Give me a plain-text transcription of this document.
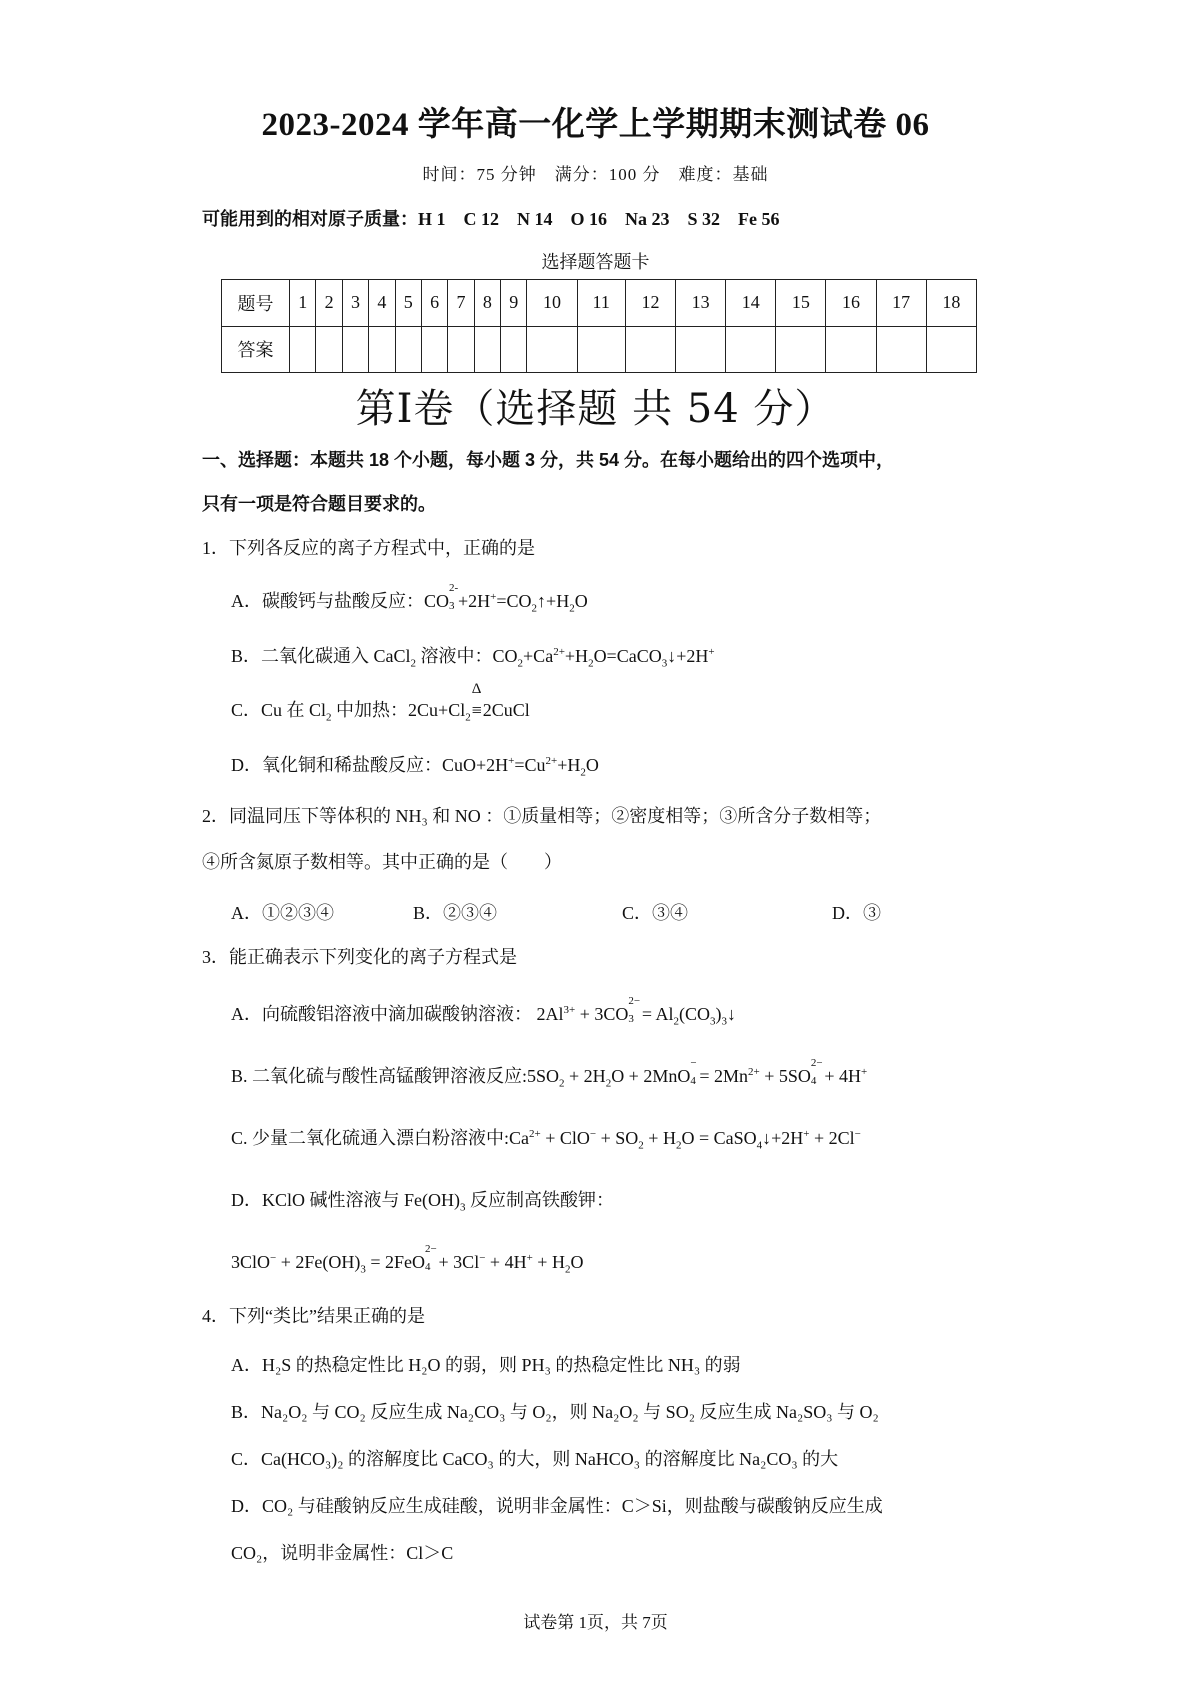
2023-2024 学年高一化学上学期期末测试卷 06
时间：75 分钟　满分：100 分　难度：基础
可能用到的相对原子质量：H 1　C 12　N 14　O 16　Na 23　S 32　Fe 56
选择题答题卡
题号	1	2	3	4	5	6	7	8	9	10	11	12	13	14	15	16	17	18
答案																		
第I卷（选择题 共 54 分）
一、选择题：本题共 18 个小题，每小题 3 分，共 54 分。在每小题给出的四个选项中，
只有一项是符合题目要求的。
1．下列各反应的离子方程式中，正确的是
A．碳酸钙与盐酸反应：CO
2-
$3 +2H^+=CO_2↑+H_2O$
B．二氧化碳通入 CaCl$_2$ 溶液中：$CO_2+Ca^{2+}+H_2O=CaCO_3↓+2H^+$
C．Cu 在 $Cl_2$ 中加热：$2Cu+Cl_2$
Δ
≡2CuCl
D．氧化铜和稀盐酸反应：$CuO+2H^+=Cu^{2+}+H_2O$
2．同温同压下等体积的 NH₃ 和 NO ：①质量相等；②密度相等；③所含分子数相等；
④所含氮原子数相等。其中正确的是（　　）
A．①②③④	B．②③④	C．③④	D．③
3．能正确表示下列变化的离子方程式是
A．向硫酸铝溶液中滴加碳酸钠溶液： $2Al^{3+} + 3CO$
2−
$3 = Al_2(CO_3)_3↓$
B. 二氧化硫与酸性高锰酸钾溶液反应$:5SO_2 + 2H_2O + 2MnO$
−
$4 = 2Mn^{2+} + 5SO$
2−
4 + 4H+
C. 少量二氧化硫通入漂白粉溶液中$:Ca^{2+} + ClO^- + SO_2 + H_2O$ = CaSO$_4$↓+2H+ + 2Cl−
D．KClO 碱性溶液与 $Fe(OH)_3$ 反应制高铁酸钾：
$3ClO^- + 2Fe(OH)_3 = 2FeO$
2−
$4 + 3Cl^- + 4H^+ + H_2O$
4．下列“类比”结果正确的是
A．H₂S 的热稳定性比 H₂O 的弱，则 PH₃ 的热稳定性比 NH₃ 的弱
B．Na₂O₂ 与 CO₂ 反应生成 Na₂CO₃ 与 O₂，则 Na₂O₂ 与 SO₂ 反应生成 Na₂SO₃ 与 O₂
C．Ca(HCO₃)₂ 的溶解度比 CaCO₃ 的大，则 NaHCO₃ 的溶解度比 Na₂CO₃ 的大
D．CO₂ 与硅酸钠反应生成硅酸，说明非金属性：C＞Si，则盐酸与碳酸钠反应生成
CO₂，说明非金属性：Cl＞C
试卷第 1页，共 7页
